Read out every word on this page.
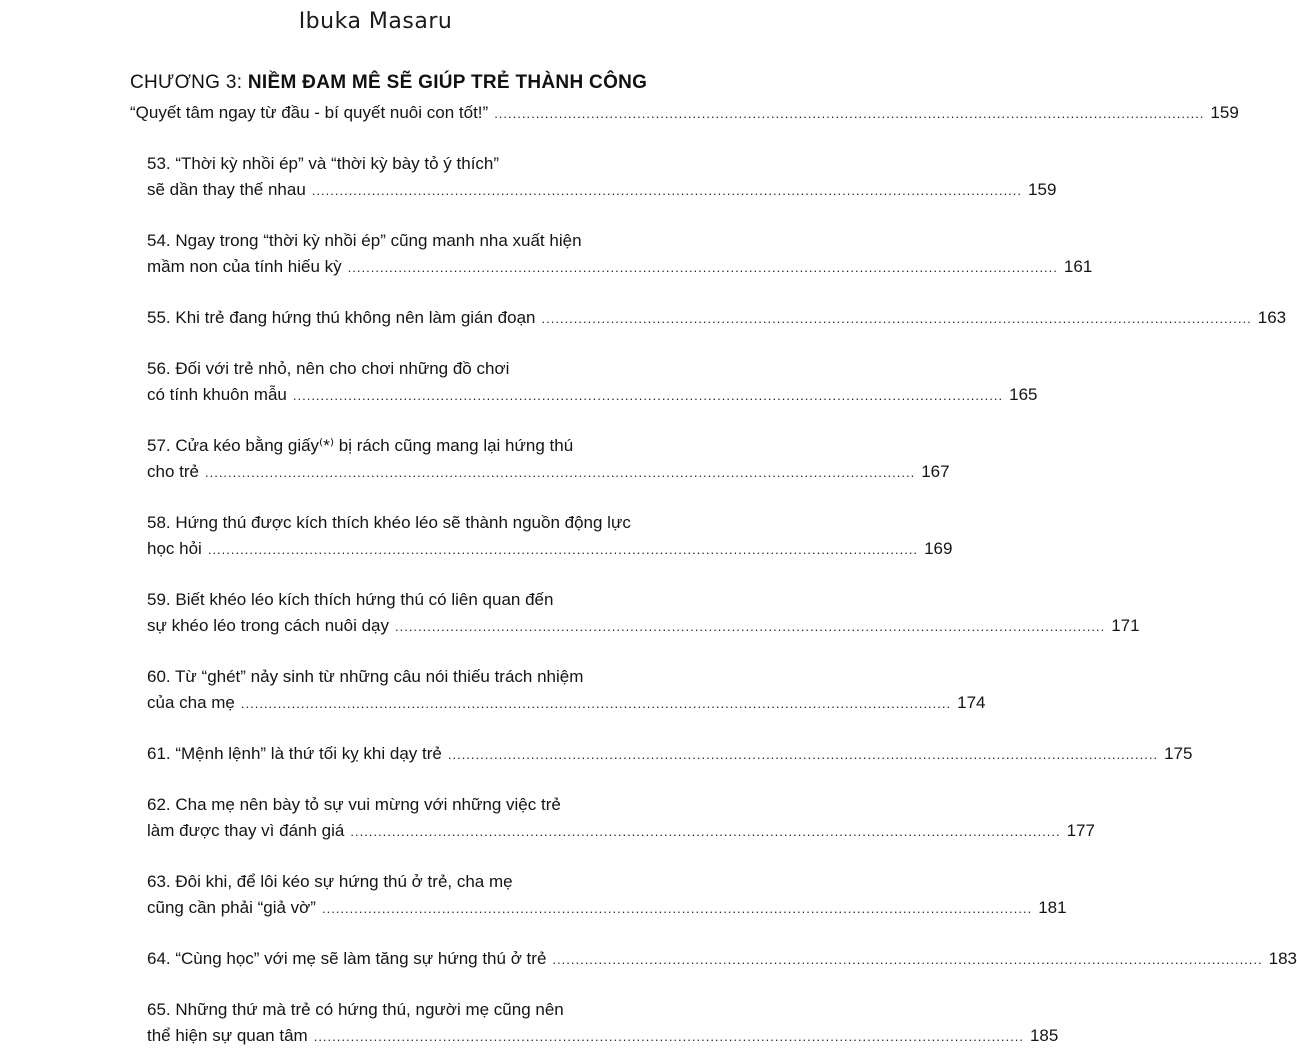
Ibuka Masaru
CHƯƠNG 3: NIỀM ĐAM MÊ SẼ GIÚP TRẺ THÀNH CÔNG
“Quyết tâm ngay từ đầu - bí quyết nuôi con tốt!” .....	159
53. “Thời kỳ nhồi ép” và “thời kỳ bày tỏ ý thích”
sẽ dần thay thế nhau .....	159
54. Ngay trong “thời kỳ nhồi ép” cũng manh nha xuất hiện
mầm non của tính hiếu kỳ .....	161
55. Khi trẻ đang hứng thú không nên làm gián đoạn .....	163
56. Đối với trẻ nhỏ, nên cho chơi những đồ chơi
có tính khuôn mẫu .....	165
57. Cửa kéo bằng giấy⁽*⁾ bị rách cũng mang lại hứng thú
cho trẻ .....	167
58. Hứng thú được kích thích khéo léo sẽ thành nguồn động lực
học hỏi .....	169
59. Biết khéo léo kích thích hứng thú có liên quan đến
sự khéo léo trong cách nuôi dạy .....	171
60. Từ “ghét” nảy sinh từ những câu nói thiếu trách nhiệm
của cha mẹ .....	174
61. “Mệnh lệnh” là thứ tối kỵ khi dạy trẻ .....	175
62. Cha mẹ nên bày tỏ sự vui mừng với những việc trẻ
làm được thay vì đánh giá .....	177
63. Đôi khi, để lôi kéo sự hứng thú ở trẻ, cha mẹ
cũng cần phải “giả vờ” .....	181
64. “Cùng học” với mẹ sẽ làm tăng sự hứng thú ở trẻ .....	183
65. Những thứ mà trẻ có hứng thú, người mẹ cũng nên
thể hiện sự quan tâm .....	185
